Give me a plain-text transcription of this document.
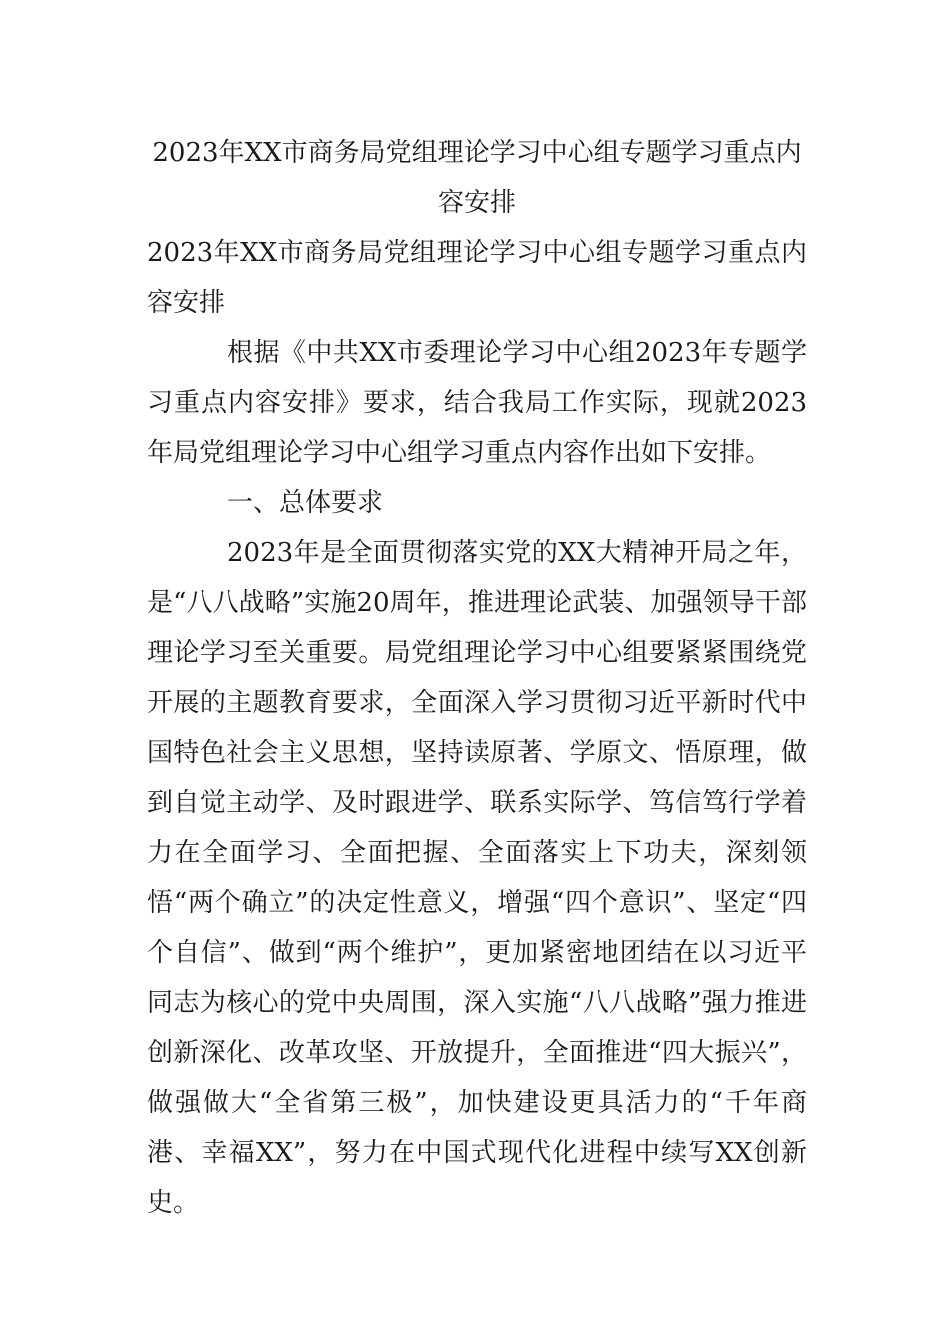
2023年XX市商务局党组理论学习中心组专题学习重点内容安排

2023年XX市商务局党组理论学习中心组专题学习重点内容安排

根据《中共XX市委理论学习中心组2023年专题学习重点内容安排》要求，结合我局工作实际，现就2023年局党组理论学习中心组学习重点内容作出如下安排。

一、总体要求

2023年是全面贯彻落实党的XX大精神开局之年，是“八八战略”实施20周年，推进理论武装、加强领导干部理论学习至关重要。局党组理论学习中心组要紧紧围绕党开展的主题教育要求，全面深入学习贯彻习近平新时代中国特色社会主义思想，坚持读原著、学原文、悟原理，做到自觉主动学、及时跟进学、联系实际学、笃信笃行学着力在全面学习、全面把握、全面落实上下功夫，深刻领悟“两个确立”的决定性意义，增强“四个意识”、坚定“四个自信”、做到“两个维护”，更加紧密地团结在以习近平同志为核心的党中央周围，深入实施“八八战略”强力推进创新深化、改革攻坚、开放提升，全面推进“四大振兴”，做强做大“全省第三极”，加快建设更具活力的“千年商港、幸福XX”，努力在中国式现代化进程中续写XX创新史。
